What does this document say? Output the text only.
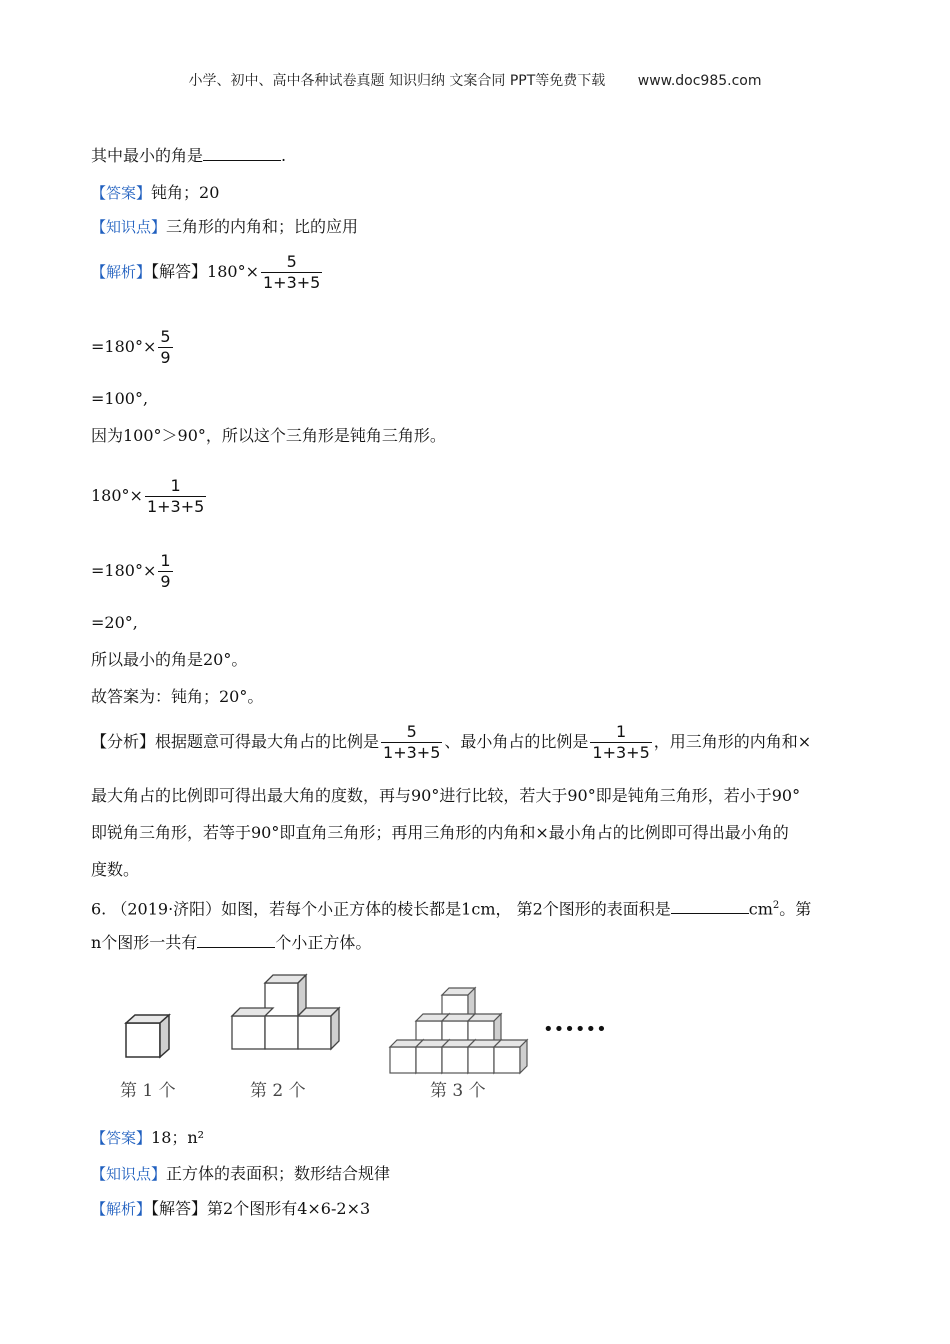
小学、初中、高中各种试卷真题 知识归纳 文案合同 PPT等免费下载 www.doc985.com
其中最小的角是	.
【答案】钝角；20
【知识点】三角形的内角和；比的应用
【解析】【解答】$180^\circ\times \frac{5}{1+3+5}$
$=180^\circ\times \frac{5}{9}$
=100°,
因为100°＞90°，所以这个三角形是钝角三角形。
$180^\circ\times \frac{1}{1+3+5}$
$=180^\circ\times \frac{1}{9}$
=20°,
所以最小的角是20°。
故答案为：钝角；20°。
【分析】根据题意可得最大角占的比例是 $\frac{5}{1+3+5}$ 、最小角占的比例是 $\frac{1}{1+3+5}$ ，用三角形的内角和×
最大角占的比例即可得出最大角的度数，再与90°进行比较，若大于90°即是钝角三角形，若小于90°
即锐角三角形，若等于90°即直角三角形；再用三角形的内角和×最小角占的比例即可得出最小角的
度数。
6. （2019·济阳）如图，若每个小正方体的棱长都是1cm， 第2个图形的表面积是	$cm^2$。第
n个图形一共有	个小正方体。
••••••
第 1 个	第 2 个	第 3 个
【答案】18；n²
【知识点】正方体的表面积；数形结合规律
【解析】【解答】第2个图形有4×6-2×3
